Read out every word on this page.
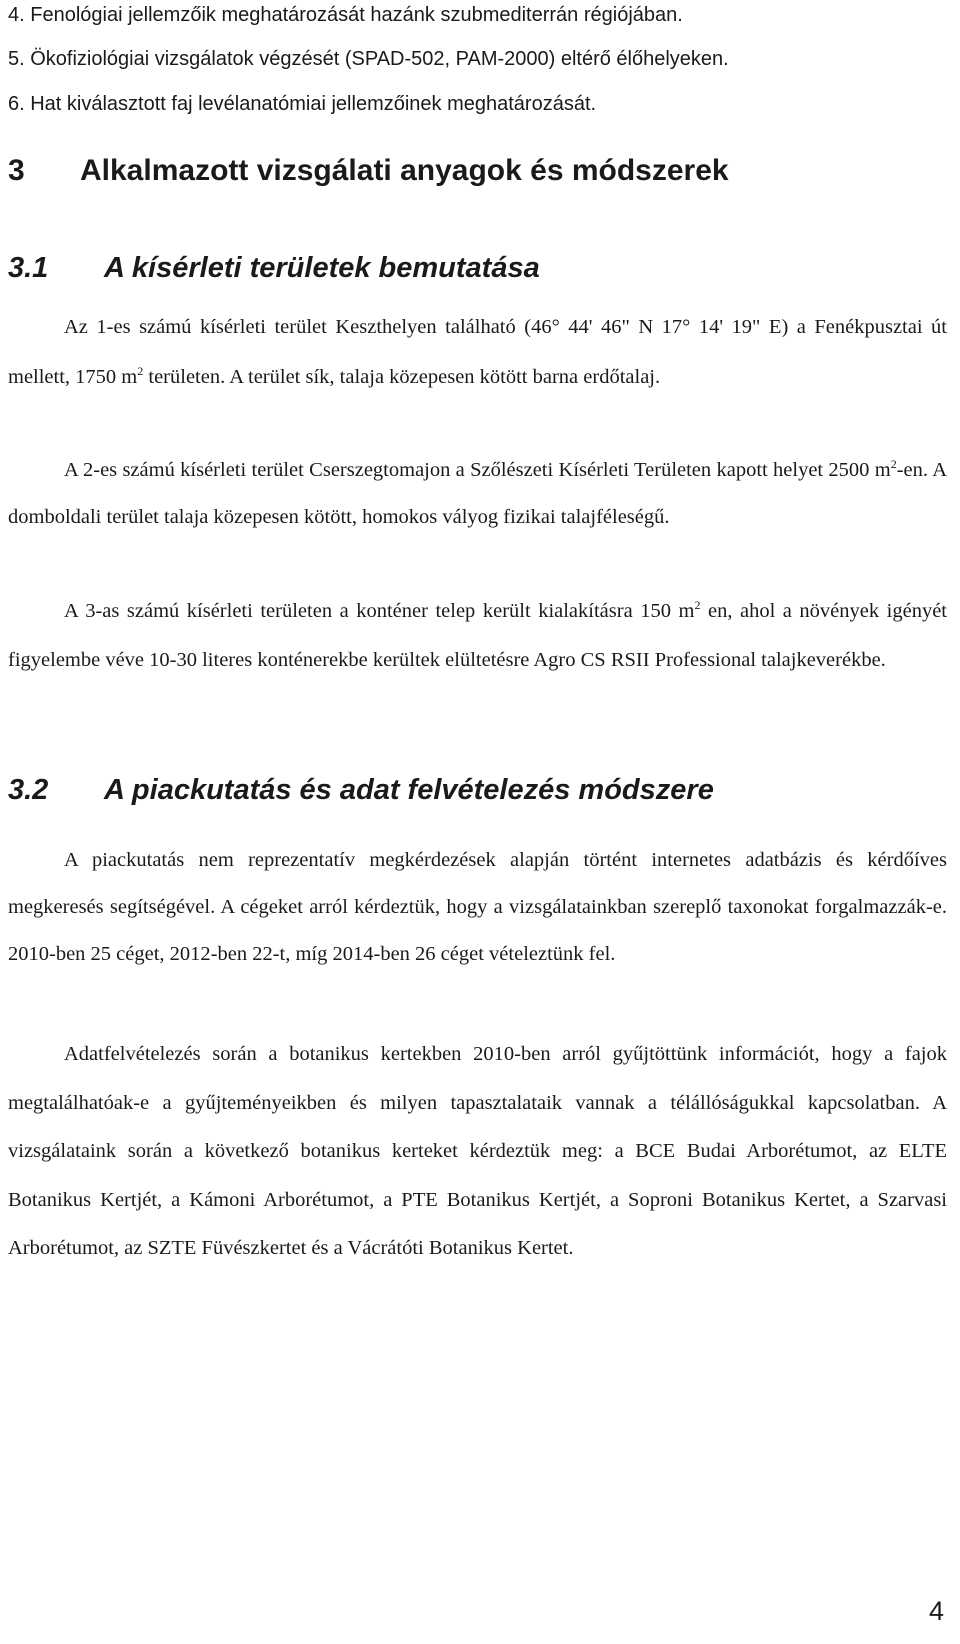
4. Fenológiai jellemzőik meghatározását hazánk szubmediterrán régiójában.
5. Ökofiziológiai vizsgálatok végzését (SPAD-502, PAM-2000) eltérő élőhelyeken.
6. Hat kiválasztott faj levélanatómiai jellemzőinek meghatározását.
3 Alkalmazott vizsgálati anyagok és módszerek
3.1 A kísérleti területek bemutatása

Az 1-es számú kísérleti terület Keszthelyen található (46° 44' 46" N 17° 14' 19" E) a Fenékpusztai út mellett, 1750 $m^2$ területen. A terület sík, talaja közepesen kötött barna erdőtalaj.

A 2-es számú kísérleti terület Cserszegtomajon a Szőlészeti Kísérleti Területen kapott helyet 2500 $m^2-en$. A domboldali terület talaja közepesen kötött, homokos vályog fizikai talajféleségű.

A 3-as számú kísérleti területen a konténer telep került kialakításra 150 $m^2$ en, ahol a növények igényét figyelembe véve 10-30 literes konténerekbe kerültek elültetésre Agro CS RSII Professional talajkeverékbe.

3.2 A piackutatás és adat felvételezés módszere

A piackutatás nem reprezentatív megkérdezések alapján történt internetes adatbázis és kérdőíves megkeresés segítségével. A cégeket arról kérdeztük, hogy a vizsgálatainkban szereplő taxonokat forgalmazzák-e. 2010-ben 25 céget, 2012-ben 22-t, míg 2014-ben 26 céget vételeztünk fel.

Adatfelvételezés során a botanikus kertekben 2010-ben arról gyűjtöttünk információt, hogy a fajok megtalálhatóak-e a gyűjteményeikben és milyen tapasztalataik vannak a télállóságukkal kapcsolatban. A vizsgálataink során a következő botanikus kerteket kérdeztük meg: a BCE Budai Arborétumot, az ELTE Botanikus Kertjét, a Kámoni Arborétumot, a PTE Botanikus Kertjét, a Soproni Botanikus Kertet, a Szarvasi Arborétumot, az SZTE Füvészkertet és a Vácrátóti Botanikus Kertet.

4
